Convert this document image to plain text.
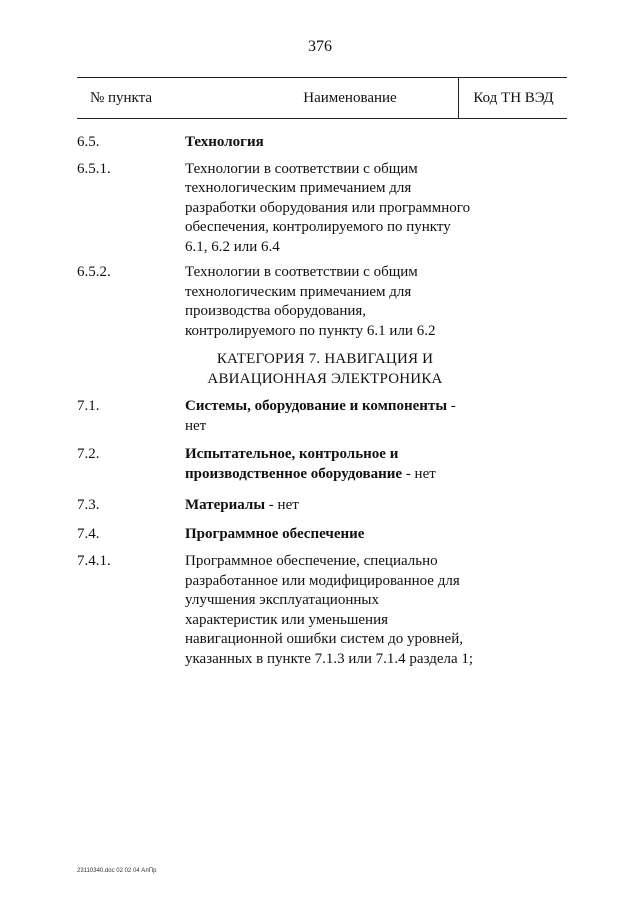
376
№ пункта	Наименование	Код ТН ВЭД
6.5.	Технология
6.5.1.	Технологии в соответствии с общим технологическим примечанием для разработки оборудования или программного обеспечения, контролируемого по пункту 6.1, 6.2 или 6.4
6.5.2.	Технологии в соответствии с общим технологическим примечанием для производства оборудования, контролируемого по пункту 6.1 или 6.2
КАТЕГОРИЯ 7. НАВИГАЦИЯ И
АВИАЦИОННАЯ ЭЛЕКТРОНИКА
7.1.	Системы, оборудование и компоненты - нет
7.2.	Испытательное, контрольное и производственное оборудование - нет
7.3.	Материалы - нет
7.4.	Программное обеспечение
7.4.1.	Программное обеспечение, специально разработанное или модифицированное для улучшения эксплуатационных характеристик или уменьшения навигационной ошибки систем до уровней, указанных в пункте 7.1.3 или 7.1.4 раздела 1;
23110340.doc 02 02 04 АлПр
